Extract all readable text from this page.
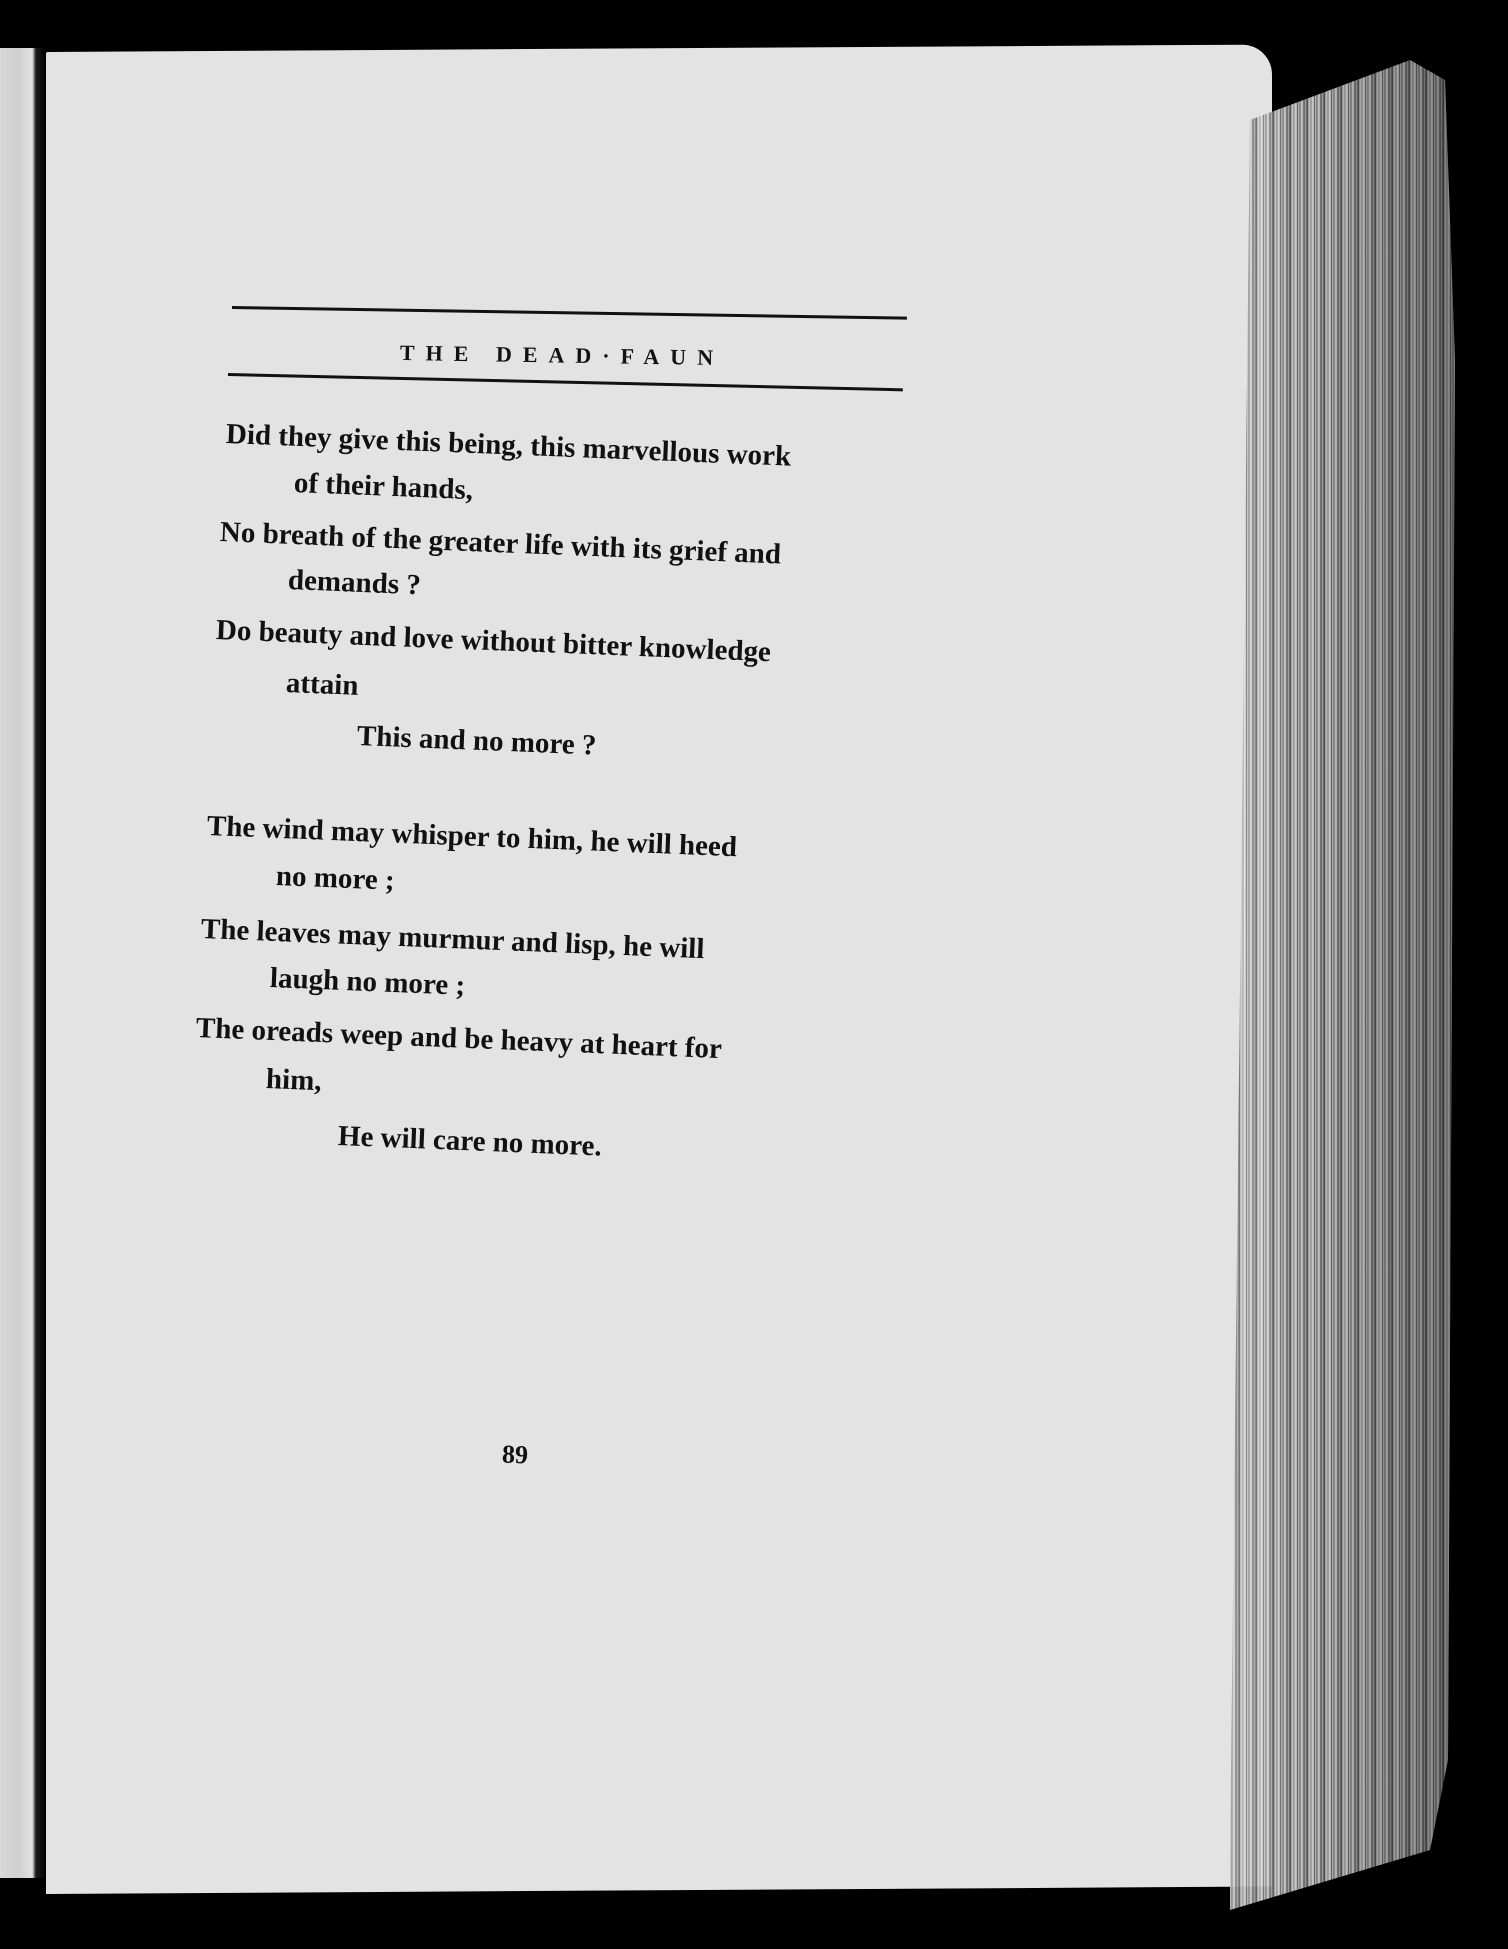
THE DEAD·FAUN
Did they give this being, this marvellous work
of their hands,
No breath of the greater life with its grief and
demands ?
Do beauty and love without bitter knowledge
attain
This and no more ?
The wind may whisper to him, he will heed
no more ;
The leaves may murmur and lisp, he will
laugh no more ;
The oreads weep and be heavy at heart for
him,
He will care no more.
89
